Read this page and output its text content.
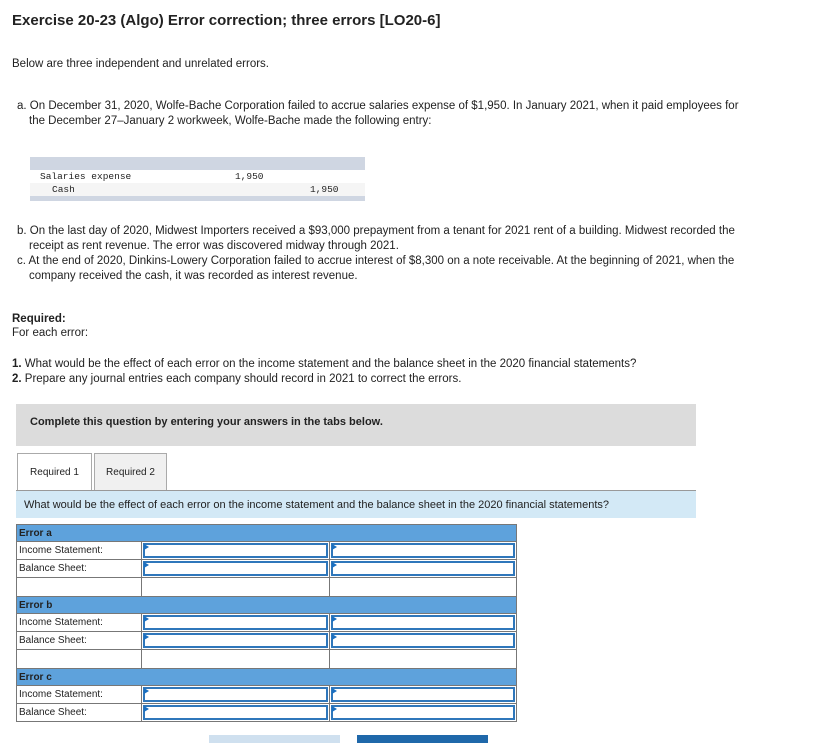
Exercise 20-23 (Algo) Error correction; three errors [LO20-6]

Below are three independent and unrelated errors.

a. On December 31, 2020, Wolfe-Bache Corporation failed to accrue salaries expense of $1,950. In January 2021, when it paid employees for the December 27–January 2 workweek, Wolfe-Bache made the following entry:

Salaries expense	1,950
Cash	1,950

b. On the last day of 2020, Midwest Importers received a $93,000 prepayment from a tenant for 2021 rent of a building. Midwest recorded the receipt as rent revenue. The error was discovered midway through 2021.

c. At the end of 2020, Dinkins-Lowery Corporation failed to accrue interest of $8,300 on a note receivable. At the beginning of 2021, when the company received the cash, it was recorded as interest revenue.

Required:

For each error:

1. What would be the effect of each error on the income statement and the balance sheet in the 2020 financial statements?

2. Prepare any journal entries each company should record in 2021 to correct the errors.

Complete this question by entering your answers in the tabs below.
Required 1	Required 2
What would be the effect of each error on the income statement and the balance sheet in the 2020 financial statements?
Error a		
Income Statement:	

Balance Sheet:	

Error b		
Income Statement:	

Balance Sheet:	

Error c		
Income Statement:	

Balance Sheet:	
